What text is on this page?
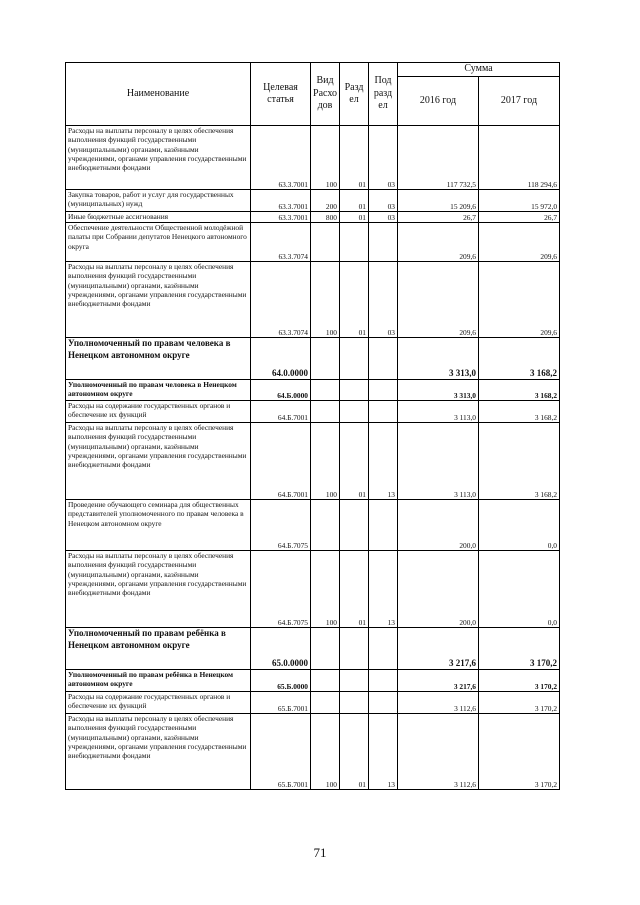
Наименование	Целевая статья	Вид Расхо дов	Разд ел	Под разд ел	Сумма	
					2016 год	2017 год
Расходы на выплаты персоналу в целях обеспечения выполнения функций государственными (муниципальными) органами, казёнными учреждениями, органами управления государственными внебюджетными фондами	63.3.7001	100	01	03	117 732,5	118 294,6
Закупка товаров, работ и услуг для государственных (муниципальных) нужд	63.3.7001	200	01	03	15 209,6	15 972,0
Иные бюджетные ассигнования	63.3.7001	800	01	03	26,7	26,7
Обеспечение деятельности Общественной молодёжной палаты при Собрании депутатов Ненецкого автономного округа	63.3.7074				209,6	209,6
Расходы на выплаты персоналу в целях обеспечения выполнения функций государственными (муниципальными) органами, казёнными учреждениями, органами управления государственными внебюджетными фондами	63.3.7074	100	01	03	209,6	209,6
Уполномоченный по правам человека в Ненецком автономном округе	64.0.0000				3 313,0	3 168,2
Уполномоченный по правам человека в Ненецком автономном округе	64.Б.0000				3 313,0	3 168,2
Расходы на содержание государственных органов и обеспечение их функций	64.Б.7001				3 113,0	3 168,2
Расходы на выплаты персоналу в целях обеспечения выполнения функций государственными (муниципальными) органами, казёнными учреждениями, органами управления государственными внебюджетными фондами	64.Б.7001	100	01	13	3 113,0	3 168,2
Проведение обучающего семинара для общественных представителей уполномоченного по правам человека в Ненецком автономном округе	64.Б.7075				200,0	0,0
Расходы на выплаты персоналу в целях обеспечения выполнения функций государственными (муниципальными) органами, казёнными учреждениями, органами управления государственными внебюджетными фондами	64.Б.7075	100	01	13	200,0	0,0
Уполномоченный по правам ребёнка в Ненецком автономном округе	65.0.0000				3 217,6	3 170,2
Уполномоченный по правам ребёнка в Ненецком автономном округе	65.Б.0000				3 217,6	3 170,2
Расходы на содержание государственных органов и обеспечение их функций	65.Б.7001				3 112,6	3 170,2
Расходы на выплаты персоналу в целях обеспечения выполнения функций государственными (муниципальными) органами, казёнными учреждениями, органами управления государственными внебюджетными фондами	65.Б.7001	100	01	13	3 112,6	3 170,2
71
